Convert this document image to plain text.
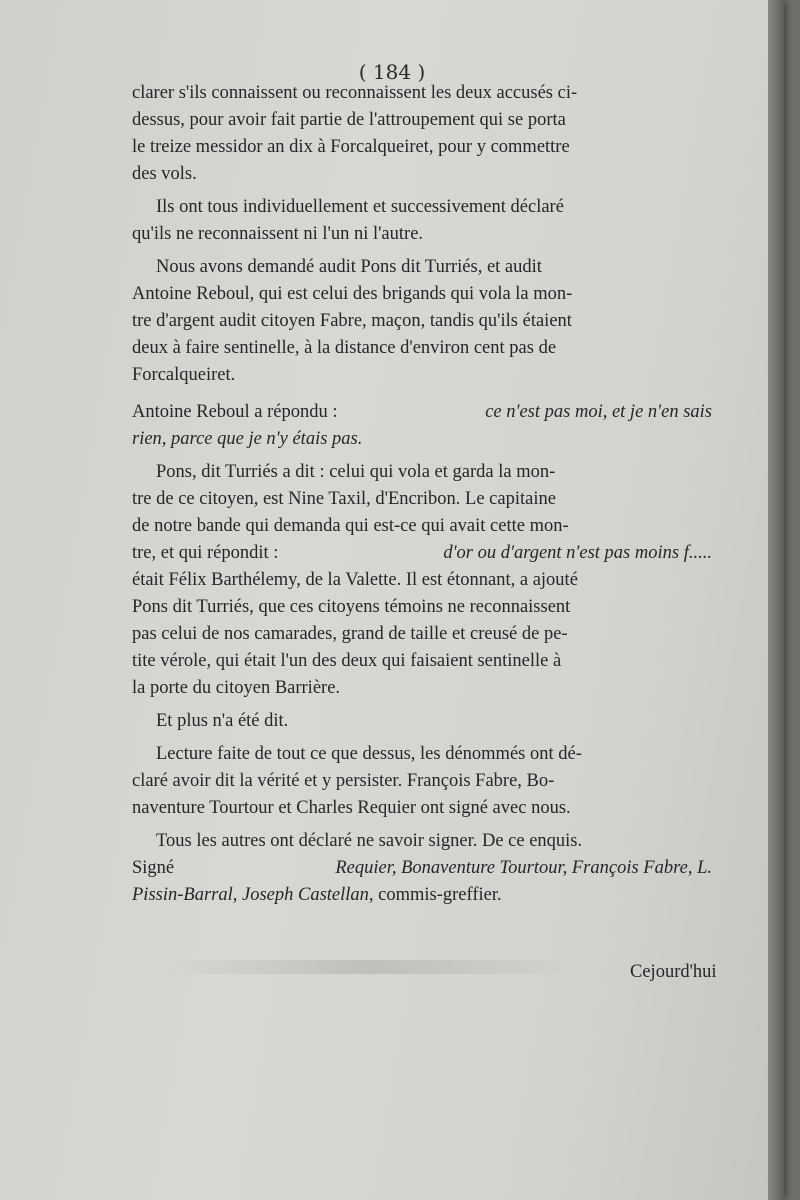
( 184 )
clarer s'ils connaissent ou reconnaissent les deux accusés ci-
dessus, pour avoir fait partie de l'attroupement qui se porta
le treize messidor an dix à Forcalqueiret, pour y commettre
des vols.
Ils ont tous individuellement et successivement déclaré
qu'ils ne reconnaissent ni l'un ni l'autre.
Nous avons demandé audit Pons dit Turriés, et audit
Antoine Reboul, qui est celui des brigands qui vola la mon-
tre d'argent audit citoyen Fabre, maçon, tandis qu'ils étaient
deux à faire sentinelle, à la distance d'environ cent pas de
Forcalqueiret.
Antoine Reboul a répondu :
	ce n'est pas moi, et je n'en sais
rien, parce que je n'y étais pas.
Pons, dit Turriés a dit : celui qui vola et garda la mon-
tre de ce citoyen, est Nine Taxil, d'Encribon. Le capitaine
de notre bande qui demanda qui est-ce qui avait cette mon-
tre, et qui répondit :
	d'or ou d'argent n'est pas moins f.....
était Félix Barthélemy, de la Valette. Il est étonnant, a ajouté
Pons dit Turriés, que ces citoyens témoins ne reconnaissent
pas celui de nos camarades, grand de taille et creusé de pe-
tite vérole, qui était l'un des deux qui faisaient sentinelle à
la porte du citoyen Barrière.
Et plus n'a été dit.
Lecture faite de tout ce que dessus, les dénommés ont dé-
claré avoir dit la vérité et y persister. François Fabre, Bo-
naventure Tourtour et Charles Requier ont signé avec nous.
Tous les autres ont déclaré ne savoir signer. De ce enquis.
Signé
	Requier, Bonaventure Tourtour, François Fabre, L.
Pissin-Barral, Joseph Castellan,
commis-greffier.
Cejourd'hui
